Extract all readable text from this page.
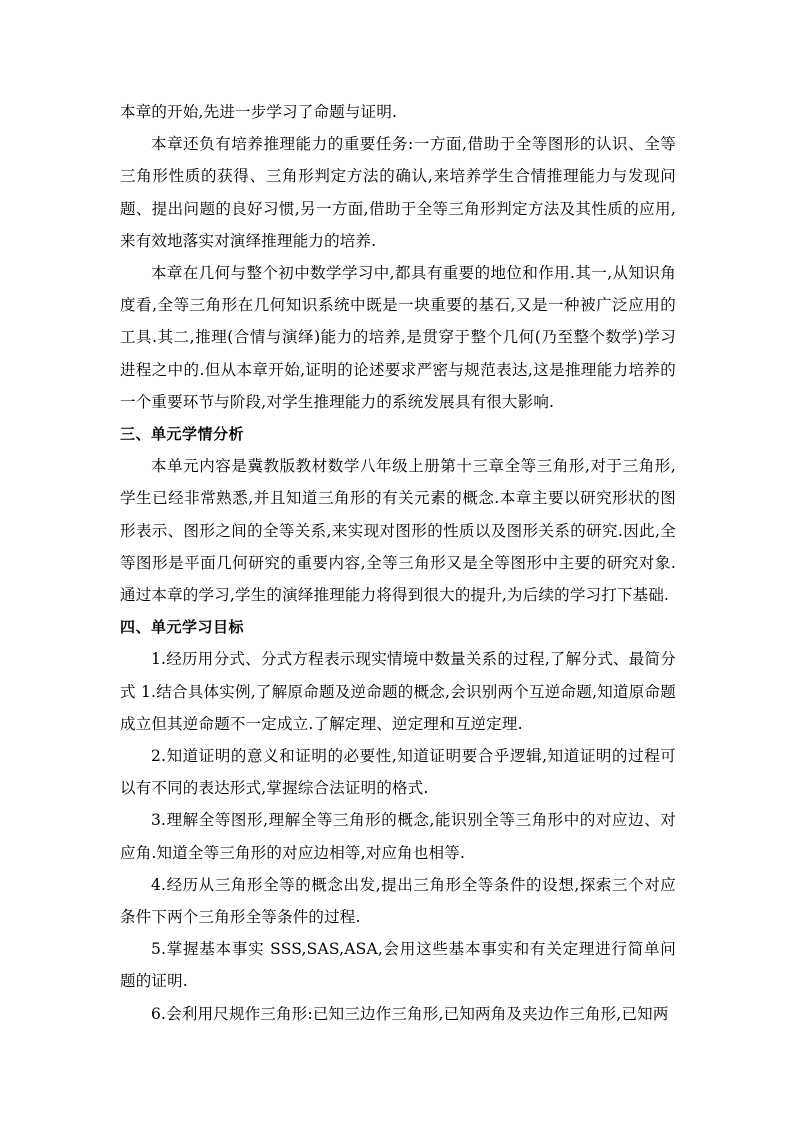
本章的开始,先进一步学习了命题与证明.

本章还负有培养推理能力的重要任务:一方面,借助于全等图形的认识、全等三角形性质的获得、三角形判定方法的确认,来培养学生合情推理能力与发现问题、提出问题的良好习惯,另一方面,借助于全等三角形判定方法及其性质的应用,来有效地落实对演绎推理能力的培养.

本章在几何与整个初中数学学习中,都具有重要的地位和作用.其一,从知识角度看,全等三角形在几何知识系统中既是一块重要的基石,又是一种被广泛应用的工具.其二,推理(合情与演绎)能力的培养,是贯穿于整个几何(乃至整个数学)学习进程之中的.但从本章开始,证明的论述要求严密与规范表达,这是推理能力培养的一个重要环节与阶段,对学生推理能力的系统发展具有很大影响.

三、单元学情分析

本单元内容是冀教版教材数学八年级上册第十三章全等三角形,对于三角形,学生已经非常熟悉,并且知道三角形的有关元素的概念.本章主要以研究形状的图形表示、图形之间的全等关系,来实现对图形的性质以及图形关系的研究.因此,全等图形是平面几何研究的重要内容,全等三角形又是全等图形中主要的研究对象.通过本章的学习,学生的演绎推理能力将得到很大的提升,为后续的学习打下基础.

四、单元学习目标

1.经历用分式、分式方程表示现实情境中数量关系的过程,了解分式、最简分式 1.结合具体实例,了解原命题及逆命题的概念,会识别两个互逆命题,知道原命题成立但其逆命题不一定成立.了解定理、逆定理和互逆定理.

2.知道证明的意义和证明的必要性,知道证明要合乎逻辑,知道证明的过程可以有不同的表达形式,掌握综合法证明的格式.

3.理解全等图形,理解全等三角形的概念,能识别全等三角形中的对应边、对应角.知道全等三角形的对应边相等,对应角也相等.

4.经历从三角形全等的概念出发,提出三角形全等条件的设想,探索三个对应条件下两个三角形全等条件的过程.

5.掌握基本事实 SSS,SAS,ASA,会用这些基本事实和有关定理进行简单问题的证明.

6.会利用尺规作三角形:已知三边作三角形,已知两角及夹边作三角形,已知两
